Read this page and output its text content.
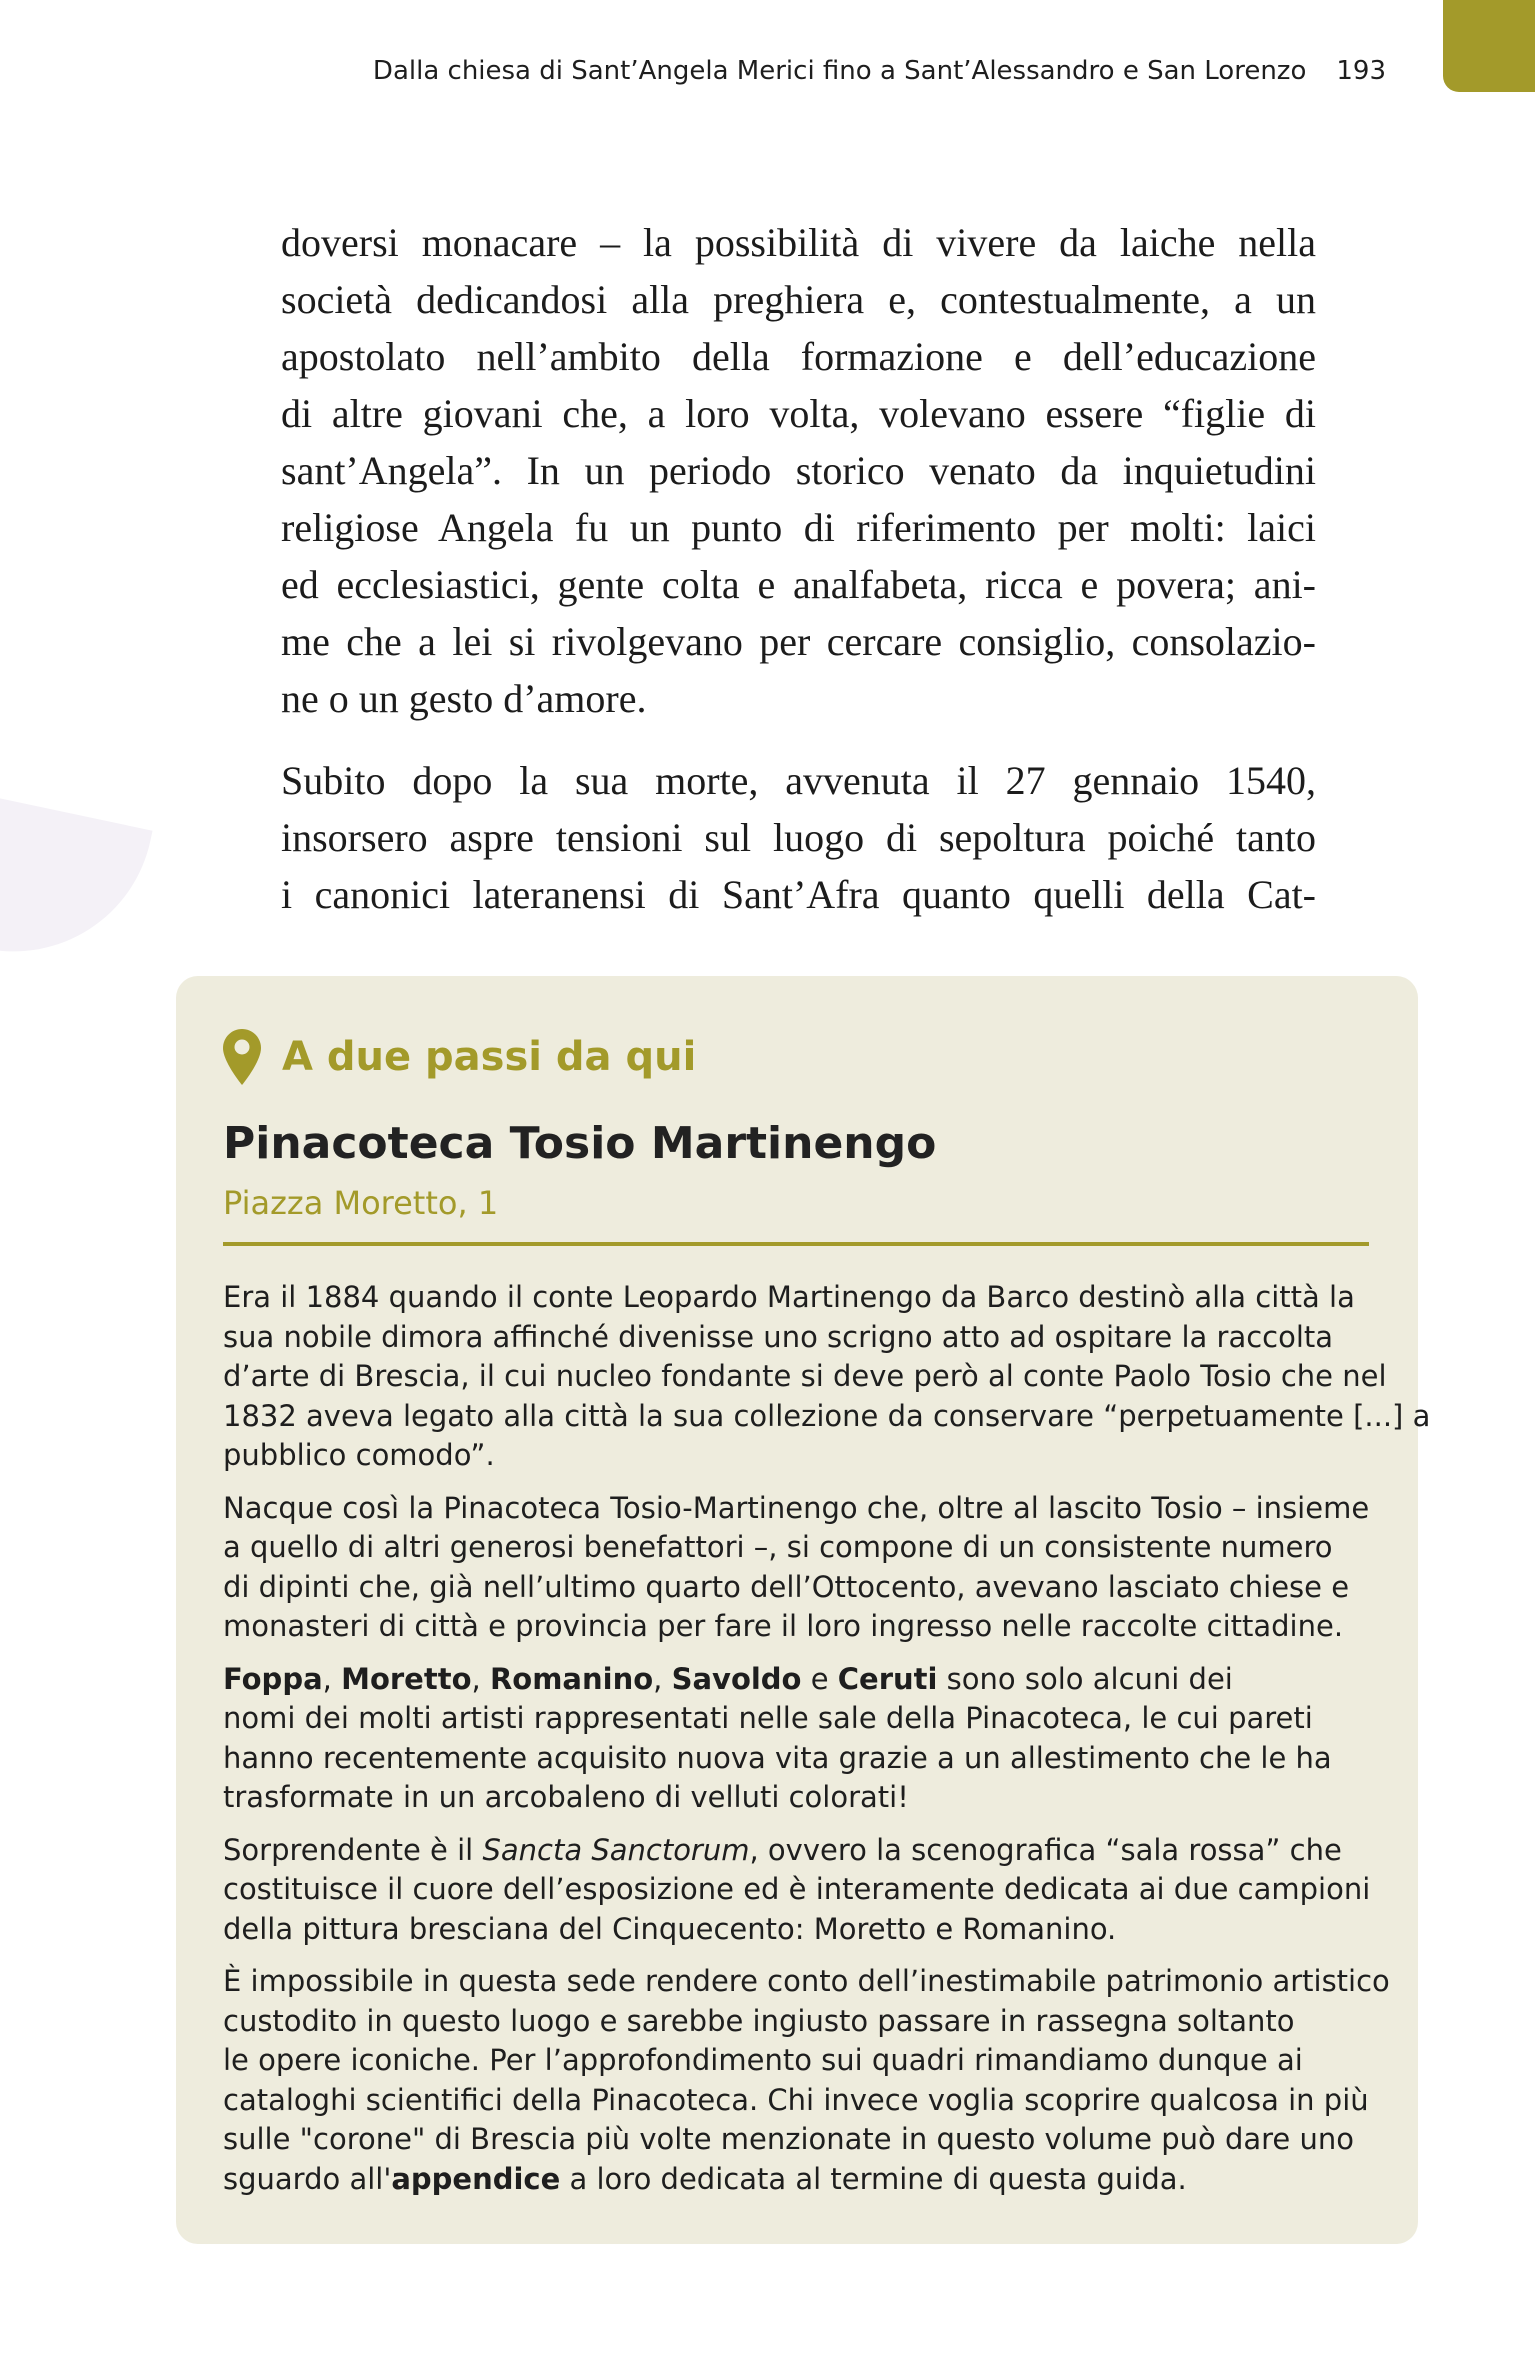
Dalla chiesa di Sant’Angela Merici fino a Sant’Alessandro e San Lorenzo 193

doversi monacare – la possibilità di vivere da laiche nella

società dedicandosi alla preghiera e, contestualmente, a un

apostolato nell’ambito della formazione e dell’educazione

di altre giovani che, a loro volta, volevano essere “figlie di

sant’Angela”. In un periodo storico venato da inquietudini

religiose Angela fu un punto di riferimento per molti: laici

ed ecclesiastici, gente colta e analfabeta, ricca e povera; ani-

me che a lei si rivolgevano per cercare consiglio, consolazio-

ne o un gesto d’amore.

Subito dopo la sua morte, avvenuta il 27 gennaio 1540,

insorsero aspre tensioni sul luogo di sepoltura poiché tanto

i canonici lateranensi di Sant’Afra quanto quelli della Cat-

A due passi da qui
Pinacoteca Tosio Martinengo
Piazza Moretto, 1

Era il 1884 quando il conte Leopardo Martinengo da Barco destinò alla città la
sua nobile dimora affinché divenisse uno scrigno atto ad ospitare la raccolta
d’arte di Brescia, il cui nucleo fondante si deve però al conte Paolo Tosio che nel
1832 aveva legato alla città la sua collezione da conservare “perpetuamente [...] a
pubblico comodo”.

Nacque così la Pinacoteca Tosio-Martinengo che, oltre al lascito Tosio – insieme
a quello di altri generosi benefattori –, si compone di un consistente numero
di dipinti che, già nell’ultimo quarto dell’Ottocento, avevano lasciato chiese e
monasteri di città e provincia per fare il loro ingresso nelle raccolte cittadine.

Foppa, Moretto, Romanino, Savoldo e Ceruti sono solo alcuni dei
nomi dei molti artisti rappresentati nelle sale della Pinacoteca, le cui pareti
hanno recentemente acquisito nuova vita grazie a un allestimento che le ha
trasformate in un arcobaleno di velluti colorati!

Sorprendente è il Sancta Sanctorum, ovvero la scenografica “sala rossa” che
costituisce il cuore dell’esposizione ed è interamente dedicata ai due campioni
della pittura bresciana del Cinquecento: Moretto e Romanino.

È impossibile in questa sede rendere conto dell’inestimabile patrimonio artistico
custodito in questo luogo e sarebbe ingiusto passare in rassegna soltanto
le opere iconiche. Per l’approfondimento sui quadri rimandiamo dunque ai
cataloghi scientifici della Pinacoteca. Chi invece voglia scoprire qualcosa in più
sulle "corone" di Brescia più volte menzionate in questo volume può dare uno
sguardo all'appendice a loro dedicata al termine di questa guida.
